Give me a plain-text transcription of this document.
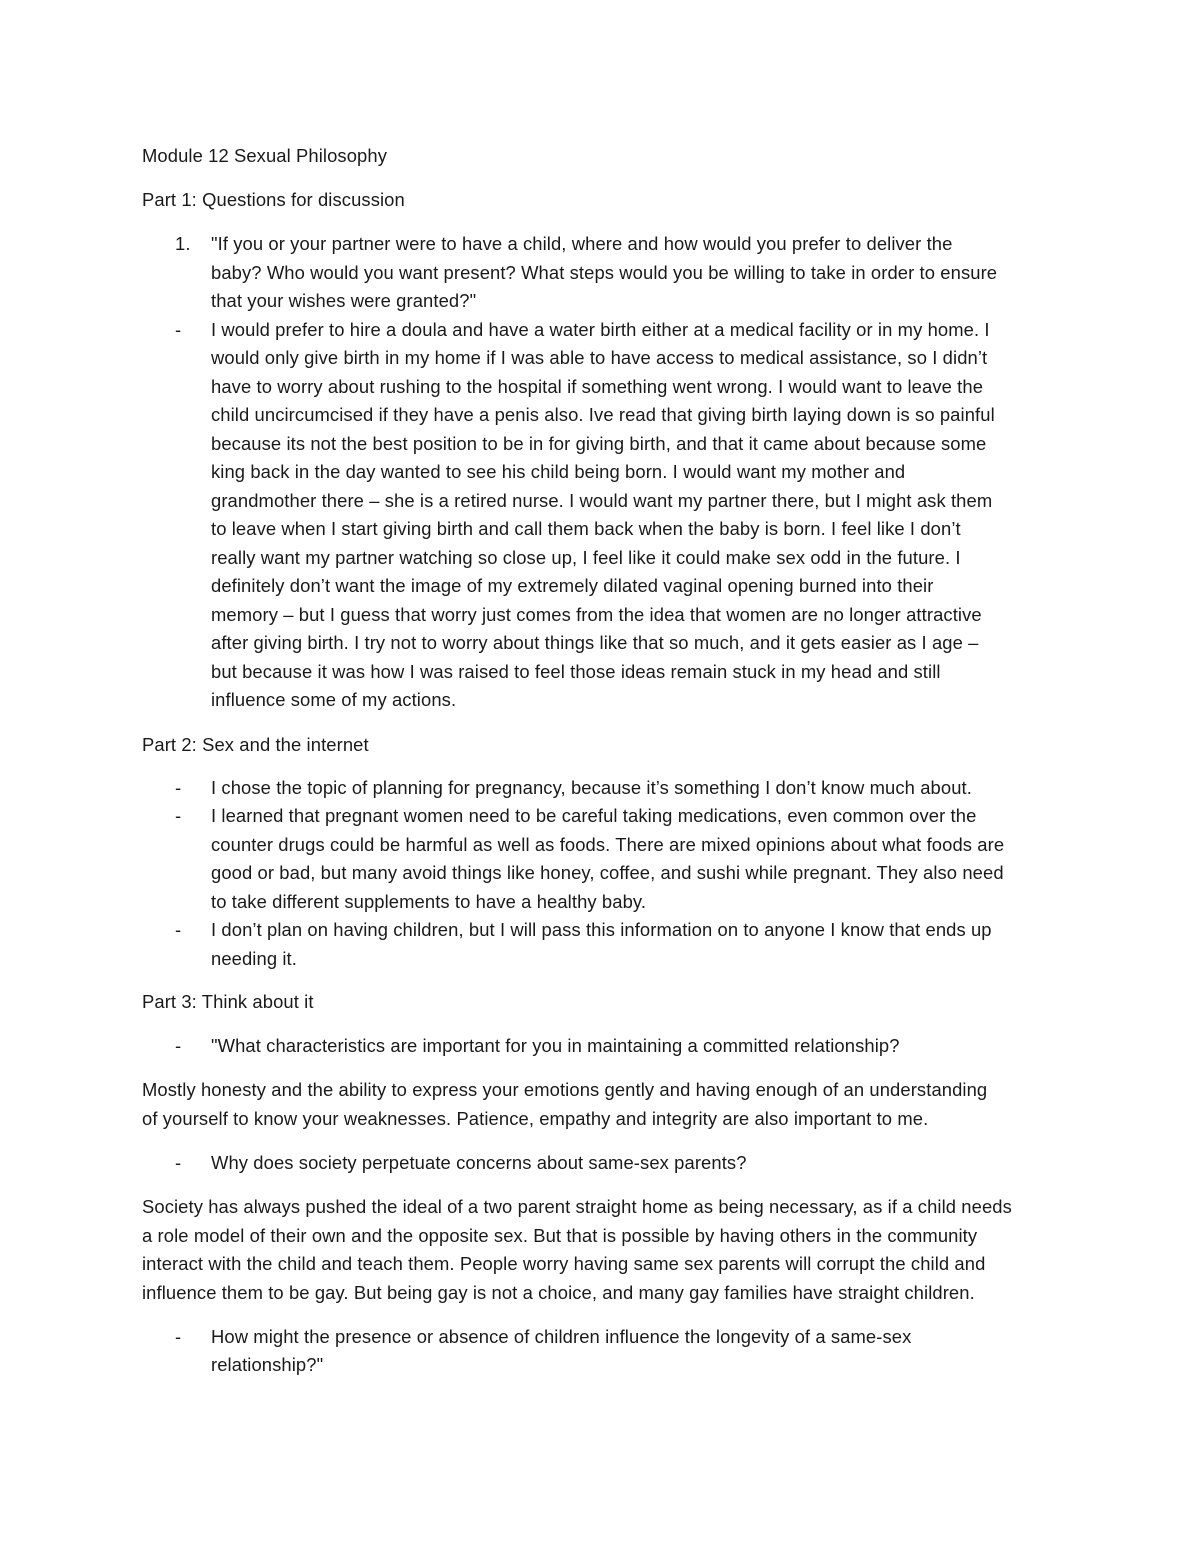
Module 12 Sexual Philosophy
Part 1: Questions for discussion
1. "If you or your partner were to have a child, where and how would you prefer to deliver the
baby? Who would you want present? What steps would you be willing to take in order to ensure
that your wishes were granted?"
- I would prefer to hire a doula and have a water birth either at a medical facility or in my home. I
would only give birth in my home if I was able to have access to medical assistance, so I didn’t
have to worry about rushing to the hospital if something went wrong. I would want to leave the
child uncircumcised if they have a penis also. Ive read that giving birth laying down is so painful
because its not the best position to be in for giving birth, and that it came about because some
king back in the day wanted to see his child being born. I would want my mother and
grandmother there – she is a retired nurse. I would want my partner there, but I might ask them
to leave when I start giving birth and call them back when the baby is born. I feel like I don’t
really want my partner watching so close up, I feel like it could make sex odd in the future. I
definitely don’t want the image of my extremely dilated vaginal opening burned into their
memory – but I guess that worry just comes from the idea that women are no longer attractive
after giving birth. I try not to worry about things like that so much, and it gets easier as I age –
but because it was how I was raised to feel those ideas remain stuck in my head and still
influence some of my actions.
Part 2: Sex and the internet
- I chose the topic of planning for pregnancy, because it’s something I don’t know much about.
- I learned that pregnant women need to be careful taking medications, even common over the
counter drugs could be harmful as well as foods. There are mixed opinions about what foods are
good or bad, but many avoid things like honey, coffee, and sushi while pregnant. They also need
to take different supplements to have a healthy baby.
- I don’t plan on having children, but I will pass this information on to anyone I know that ends up
needing it.
Part 3: Think about it
- "What characteristics are important for you in maintaining a committed relationship?
Mostly honesty and the ability to express your emotions gently and having enough of an understanding
of yourself to know your weaknesses. Patience, empathy and integrity are also important to me.
- Why does society perpetuate concerns about same-sex parents?
Society has always pushed the ideal of a two parent straight home as being necessary, as if a child needs
a role model of their own and the opposite sex. But that is possible by having others in the community
interact with the child and teach them. People worry having same sex parents will corrupt the child and
influence them to be gay. But being gay is not a choice, and many gay families have straight children.
- How might the presence or absence of children influence the longevity of a same-sex
relationship?"
